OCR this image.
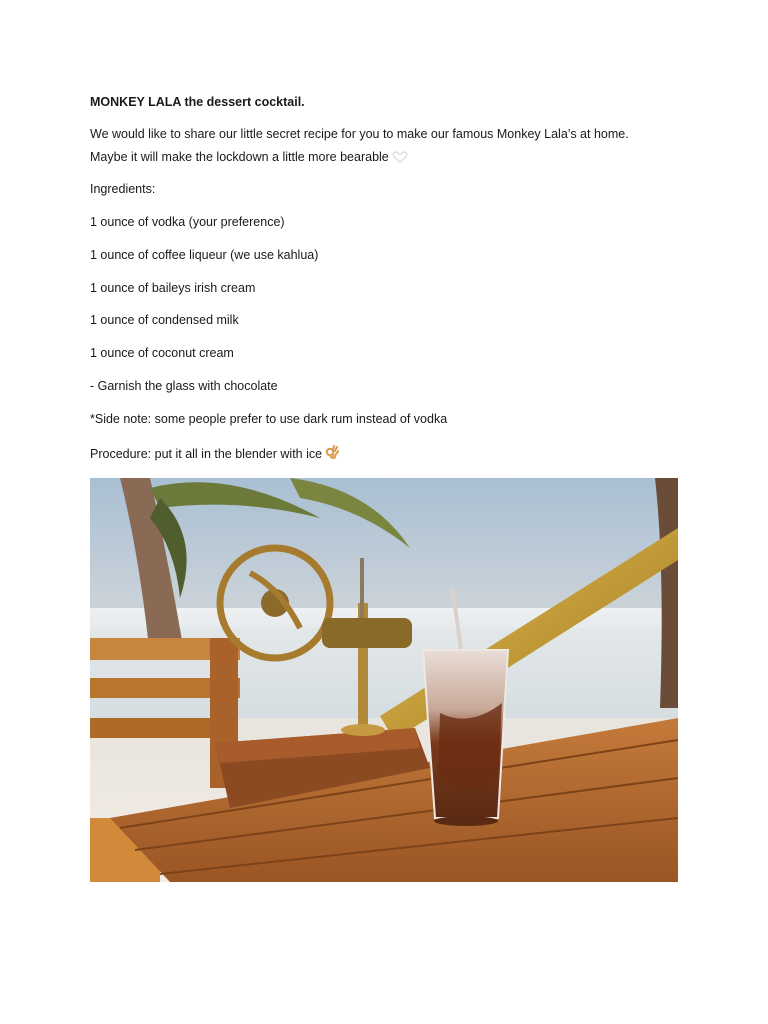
MONKEY LALA the dessert cocktail.
We would like to share our little secret recipe for you to make our famous Monkey Lala’s at home.
Maybe it will make the lockdown a little more bearable
Ingredients:
1 ounce of vodka (your preference)
1 ounce of coffee liqueur (we use kahlua)
1 ounce of baileys irish cream
1 ounce of condensed milk
1 ounce of coconut cream
- Garnish the glass with chocolate
*Side note: some people prefer to use dark rum instead of vodka
Procedure: put it all in the blender with ice
